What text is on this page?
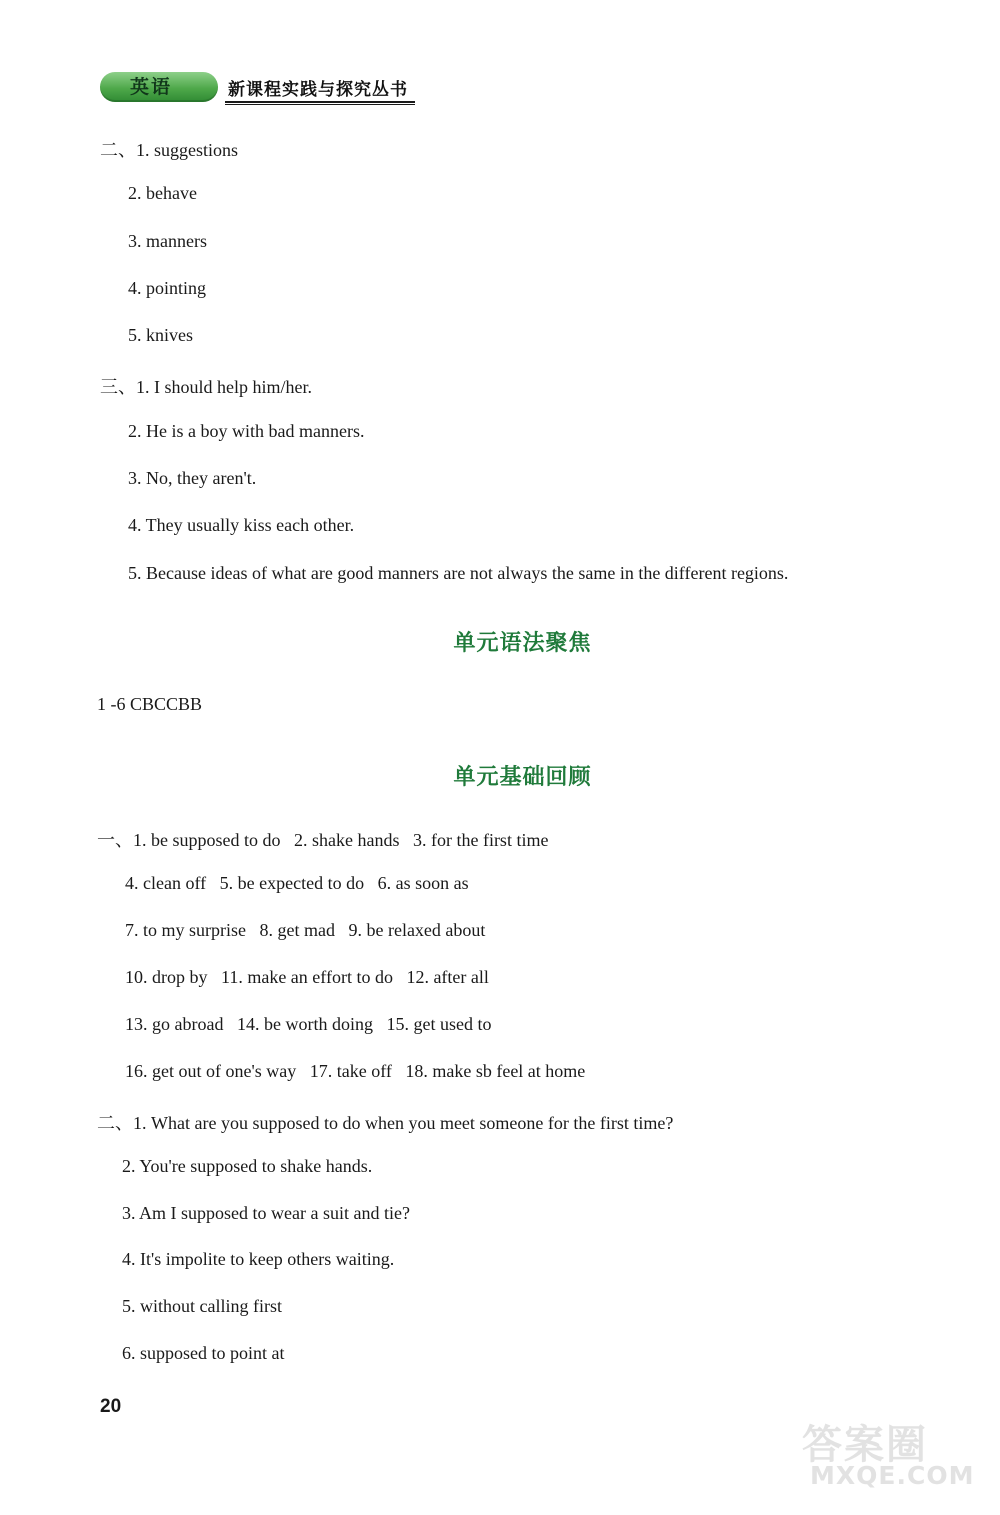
英语	新课程实践与探究丛书
二、1. suggestions
2. behave
3. manners
4. pointing
5. knives
三、1. I should help him/her.
2. He is a boy with bad manners.
3. No, they aren't.
4. They usually kiss each other.
5. Because ideas of what are good manners are not always the same in the different regions.
单元语法聚焦
1 -6 CBCCBB
单元基础回顾
一、1. be supposed to do   2. shake hands   3. for the first time
4. clean off   5. be expected to do   6. as soon as
7. to my surprise   8. get mad   9. be relaxed about
10. drop by   11. make an effort to do   12. after all
13. go abroad   14. be worth doing   15. get used to
16. get out of one's way   17. take off   18. make sb feel at home
二、1. What are you supposed to do when you meet someone for the first time?
2. You're supposed to shake hands.
3. Am I supposed to wear a suit and tie?
4. It's impolite to keep others waiting.
5. without calling first
6. supposed to point at
20
答案圈
MXQE.COM
